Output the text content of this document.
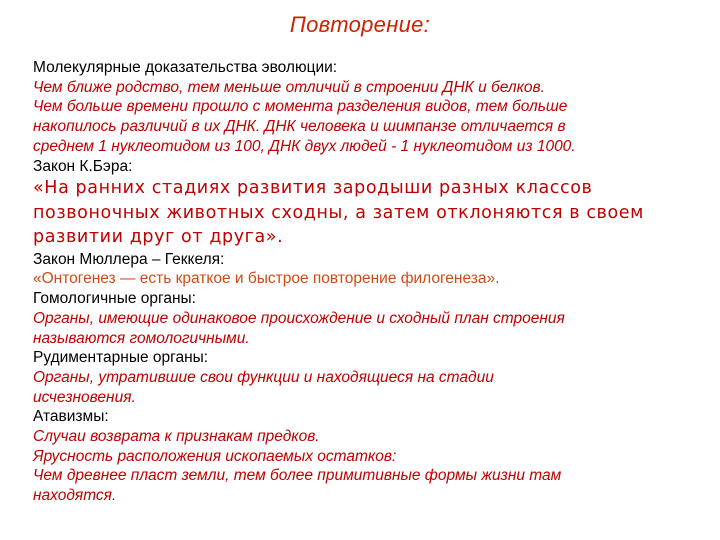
Повторение:
Молекулярные доказательства эволюции:
Чем ближе родство, тем меньше отличий в строении ДНК и белков.
Чем больше времени прошло с момента разделения видов, тем больше
накопилось различий в их ДНК. ДНК человека и шимпанзе отличается в
среднем 1 нуклеотидом из 100, ДНК двух людей - 1 нуклеотидом из 1000.
Закон К.Бэра:
«На ранних стадиях развития зародыши разных классов
позвоночных животных сходны, а затем отклоняются в своем
развитии друг от друга».
Закон Мюллера – Геккеля:
«Онтогенез — есть краткое и быстрое повторение филогенеза».
Гомологичные органы:
Органы, имеющие одинаковое происхождение и сходный план строения
называются гомологичными.
Рудиментарные органы:
Органы, утратившие свои функции и находящиеся на стадии
исчезновения.
Атавизмы:
Случаи возврата к признакам предков.
Ярусность расположения ископаемых остатков:
Чем древнее пласт земли, тем более примитивные формы жизни там
находятся.
